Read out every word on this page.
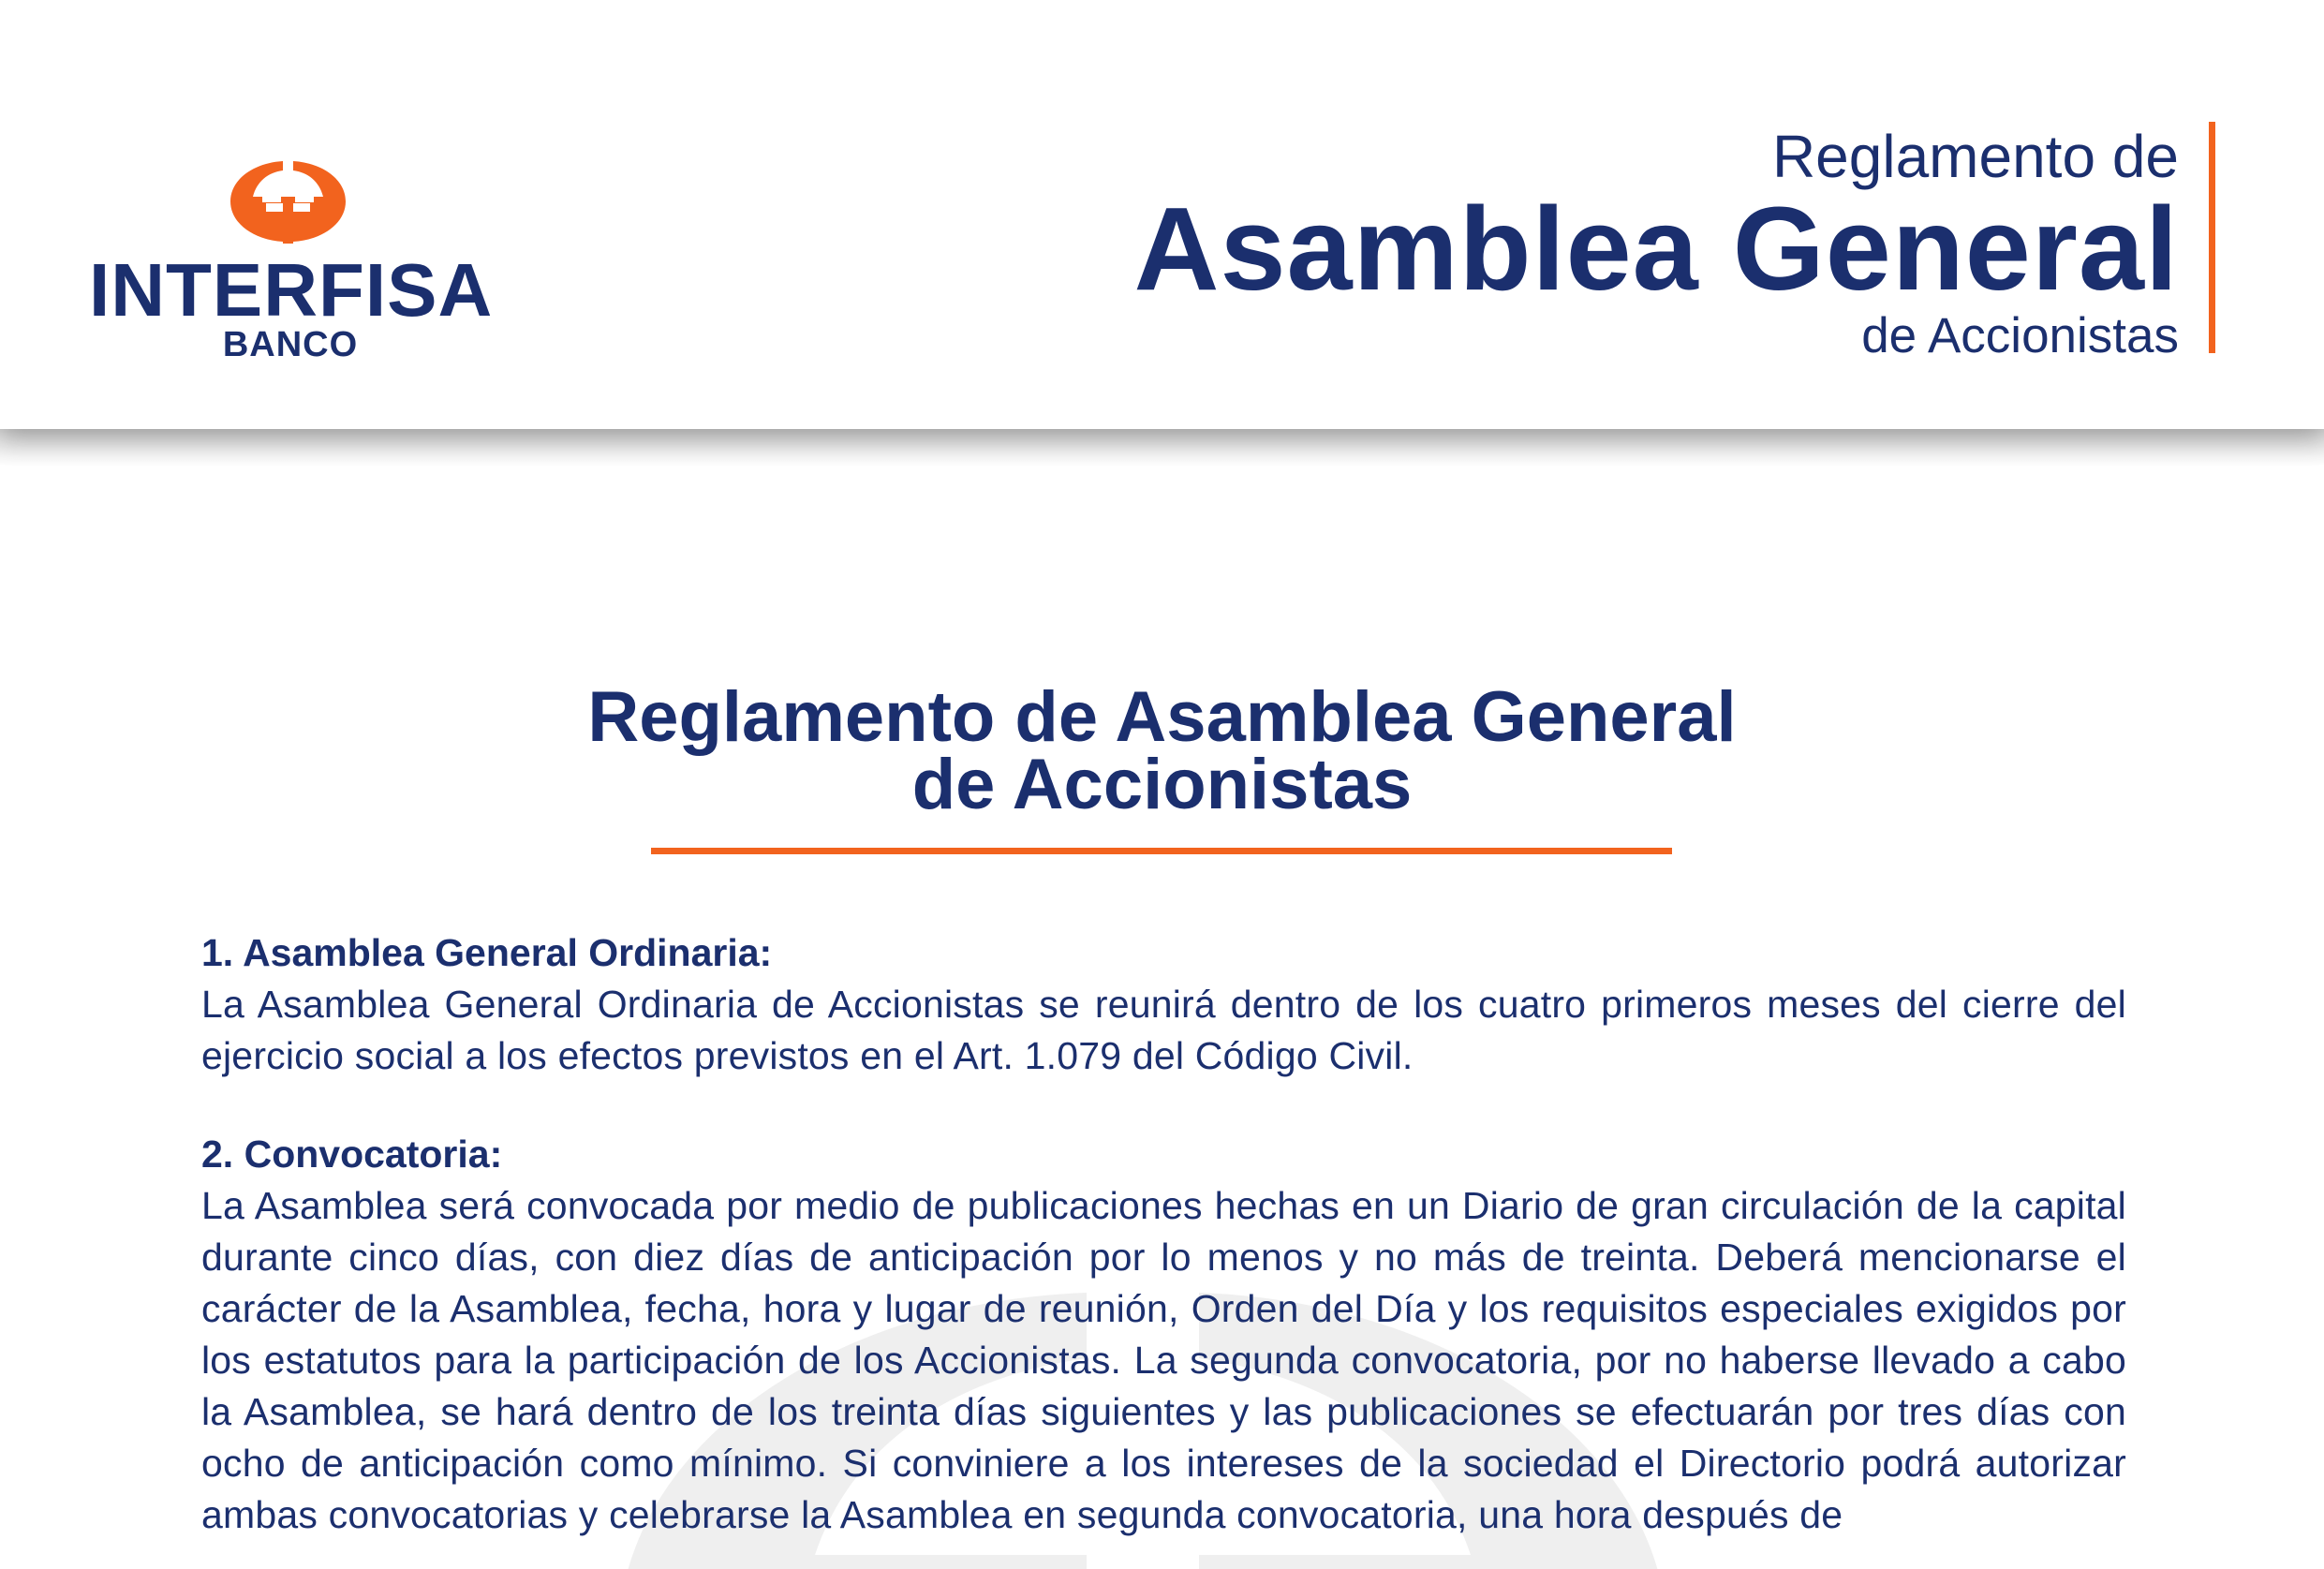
INTERFISA
BANCO
Reglamento de
Asamblea General
de Accionistas
Reglamento de Asamblea General
de Accionistas

1. Asamblea General Ordinaria:

La Asamblea General Ordinaria de Accionistas se reunirá dentro de los cuatro primeros meses del cierre del ejercicio social a los efectos previstos en el Art. 1.079 del Código Civil.

2. Convocatoria:

La Asamblea será convocada por medio de publicaciones hechas en un Diario de gran circulación de la capital durante cinco días, con diez días de anticipación por lo menos y no más de treinta. Deberá mencionarse el carácter de la Asamblea, fecha, hora y lugar de reunión, Orden del Día y los requisitos especiales exigidos por los estatutos para la participación de los Accionistas. La segunda convocatoria, por no haberse llevado a cabo la Asamblea, se hará dentro de los treinta días siguientes y las publicaciones se efectuarán por tres días con ocho de anticipación como mínimo. Si conviniere a los intereses de la sociedad el Directorio podrá autorizar ambas convocatorias y celebrarse la Asamblea en segunda convocatoria, una hora después de
